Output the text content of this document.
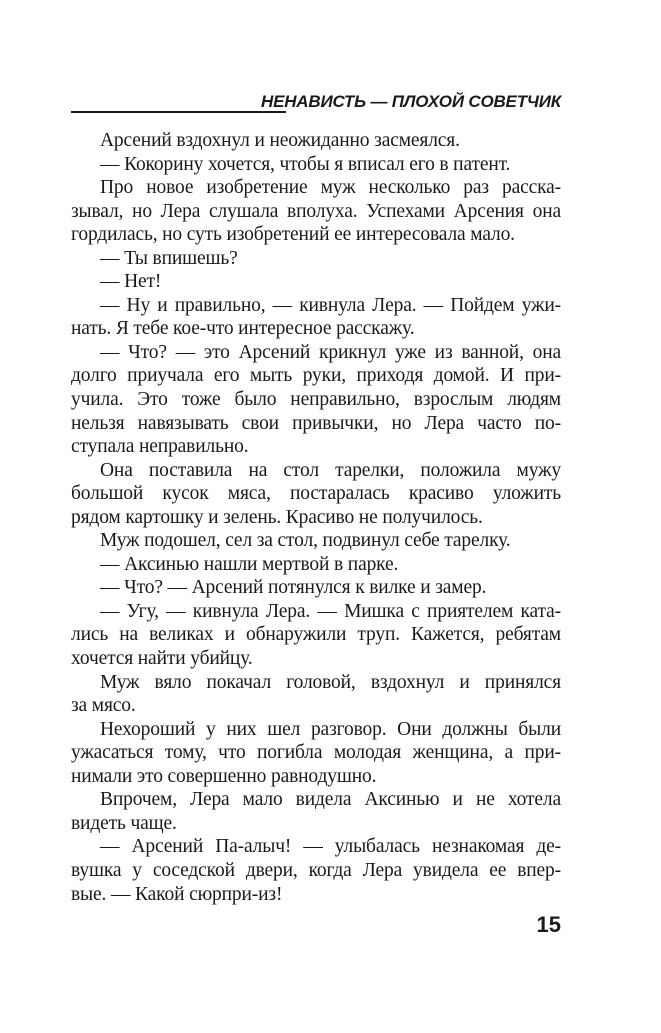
НЕНАВИСТЬ — ПЛОХОЙ СОВЕТЧИК
Арсений вздохнул и неожиданно засмеялся.
— Кокорину хочется, чтобы я вписал его в патент.
Про новое изобретение муж несколько раз расска-
зывал, но Лера слушала вполуха. Успехами Арсения она
гордилась, но суть изобретений ее интересовала мало.
— Ты впишешь?
— Нет!
— Ну и правильно, — кивнула Лера. — Пойдем ужи-
нать. Я тебе кое-что интересное расскажу.
— Что? — это Арсений крикнул уже из ванной, она
долго приучала его мыть руки, приходя домой. И при-
учила. Это тоже было неправильно, взрослым людям
нельзя навязывать свои привычки, но Лера часто по-
ступала неправильно.
Она поставила на стол тарелки, положила мужу
большой кусок мяса, постаралась красиво уложить
рядом картошку и зелень. Красиво не получилось.
Муж подошел, сел за стол, подвинул себе тарелку.
— Аксинью нашли мертвой в парке.
— Что? — Арсений потянулся к вилке и замер.
— Угу, — кивнула Лера. — Мишка с приятелем ката-
лись на великах и обнаружили труп. Кажется, ребятам
хочется найти убийцу.
Муж вяло покачал головой, вздохнул и принялся
за мясо.
Нехороший у них шел разговор. Они должны были
ужасаться тому, что погибла молодая женщина, а при-
нимали это совершенно равнодушно.
Впрочем, Лера мало видела Аксинью и не хотела
видеть чаще.
— Арсений Па-алыч! — улыбалась незнакомая де-
вушка у соседской двери, когда Лера увидела ее впер-
вые. — Какой сюрпри-из!
15
